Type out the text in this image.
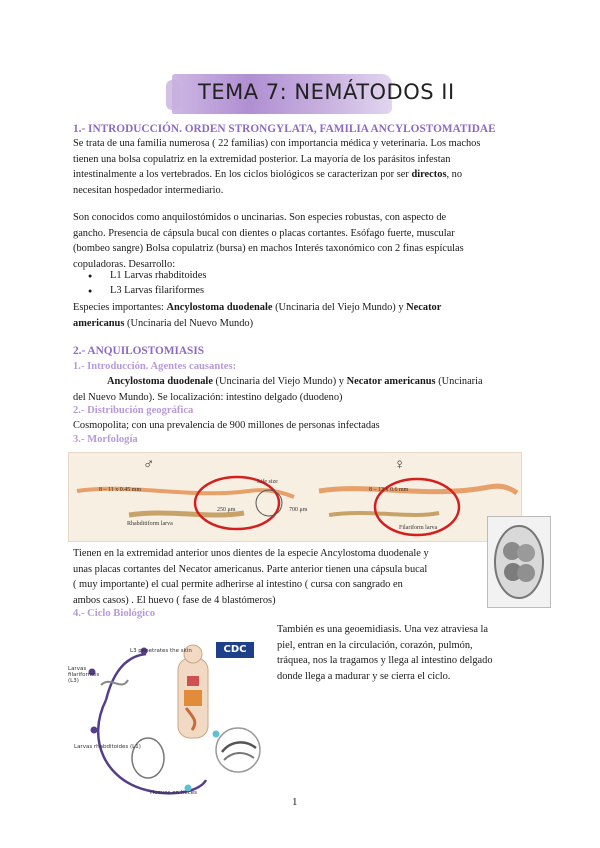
TEMA 7: NEMÁTODOS II
1.- INTRODUCCIÓN. ORDEN STRONGYLATA, FAMILIA ANCYLOSTOMATIDAE
Se trata de una familia numerosa ( 22 familias) con importancia médica y veterinaria. Los machos
tienen una bolsa copulatriz en la extremidad posterior. La mayoría de los parásitos infestan
intestinalmente a los vertebrados. En los ciclos biológicos se caracterizan por ser directos, no
necesitan hospedador intermediario.
Son conocidos como anquilostómidos o uncinarias. Son especies robustas, con aspecto de
gancho. Presencia de cápsula bucal con dientes o placas cortantes. Esófago fuerte, muscular
(bombeo sangre) Bolsa copulatriz (bursa) en machos Interés taxonómico con 2 finas espículas
copuladoras. Desarrollo:
● L1 Larvas rhabditoides
● L3 Larvas filariformes
Especies importantes: Ancylostoma duodenale (Uncinaria del Viejo Mundo) y Necator
americanus (Uncinaria del Nuevo Mundo)
2.- ANQUILOSTOMIASIS
1.- Introducción. Agentes causantes:
Ancylostoma duodenale (Uncinaria del Viejo Mundo) y Necator americanus (Uncinaria
del Nuevo Mundo). Se localización: intestino delgado (duodeno)
2.- Distribución geográfica
Cosmopolita; con una prevalencia de 900 millones de personas infectadas
3.- Morfología
♂	♀
8 – 11 x 0.45 mm	8 – 13 x 0.6 mm
Life size
250 μm	700 μm
Rhabditiform larva
Filariform larva
Tienen en la extremidad anterior unos dientes de la especie Ancylostoma duodenale y
unas placas cortantes del Necator americanus. Parte anterior tienen una cápsula bucal
( muy importante) el cual permite adherirse al intestino ( cursa con sangrado en
ambos casos) . El huevo ( fase de 4 blastómeros)
4.- Ciclo Biológico
CDC
L3 penetrates the skin
Larvas filariformes (L3)
Larvas rhabditoides (L1)
Huevos en heces
También es una geoemidiasis. Una vez atraviesa la
piel, entran en la circulación, corazón, pulmón,
tráquea, nos la tragamos y llega al intestino delgado
donde llega a madurar y se cierra el ciclo.
1
